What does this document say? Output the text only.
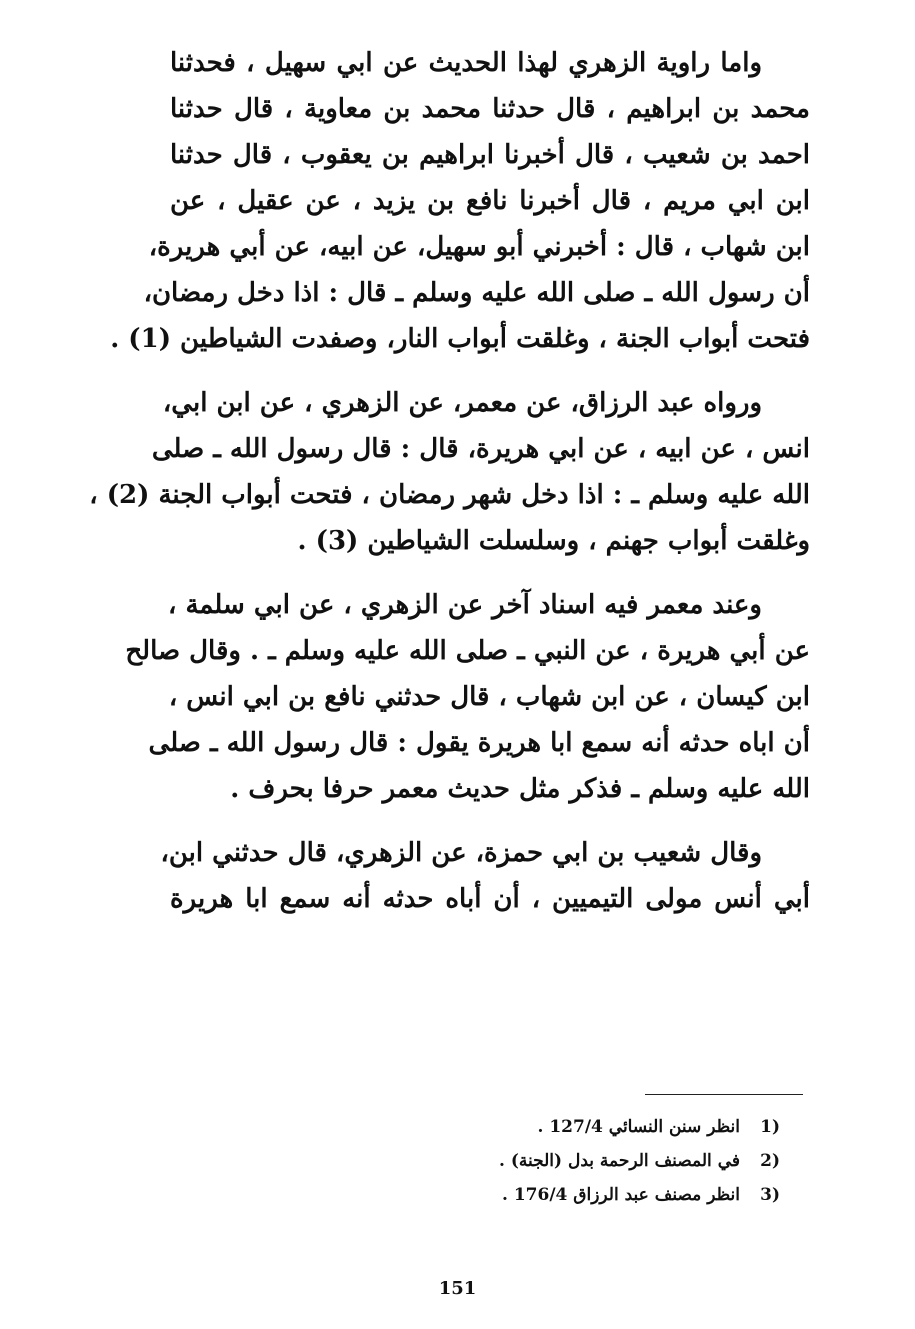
واما راوية الزهري لهذا الحديث عن ابي سهيل ، فحدثنا
محمد بن ابراهيم ، قال حدثنا محمد بن معاوية ، قال حدثنا
احمد بن شعيب ، قال أخبرنا ابراهيم بن يعقوب ، قال حدثنا
ابن ابي مريم ، قال أخبرنا نافع بن يزيد ، عن عقيل ، عن
ابن شهاب ، قال : أخبرني أبو سهيل، عن ابيه، عن أبي هريرة،
أن رسول الله ـ صلى الله عليه وسلم ـ قال : اذا دخل رمضان،
فتحت أبواب الجنة ، وغلقت أبواب النار، وصفدت الشياطين (1) .
ورواه عبد الرزاق، عن معمر، عن الزهري ، عن ابن ابي،
انس ، عن ابيه ، عن ابي هريرة، قال : قال رسول الله ـ صلى
الله عليه وسلم ـ : اذا دخل شهر رمضان ، فتحت أبواب الجنة (2) ،
وغلقت أبواب جهنم ، وسلسلت الشياطين (3) .
وعند معمر فيه اسناد آخر عن الزهري ، عن ابي سلمة ،
عن أبي هريرة ، عن النبي ـ صلى الله عليه وسلم ـ . وقال صالح
ابن كيسان ، عن ابن شهاب ، قال حدثني نافع بن ابي انس ،
أن اباه حدثه أنه سمع ابا هريرة يقول : قال رسول الله ـ صلى
الله عليه وسلم ـ فذكر مثل حديث معمر حرفا بحرف .
وقال شعيب بن ابي حمزة، عن الزهري، قال حدثني ابن،
أبي أنس مولى التيميين ، أن أباه حدثه أنه سمع ابا هريرة
1)
انظر سنن النسائي 127/4 .
2)
في المصنف الرحمة بدل (الجنة) .
3)
انظر مصنف عبد الرزاق 176/4 .
151
